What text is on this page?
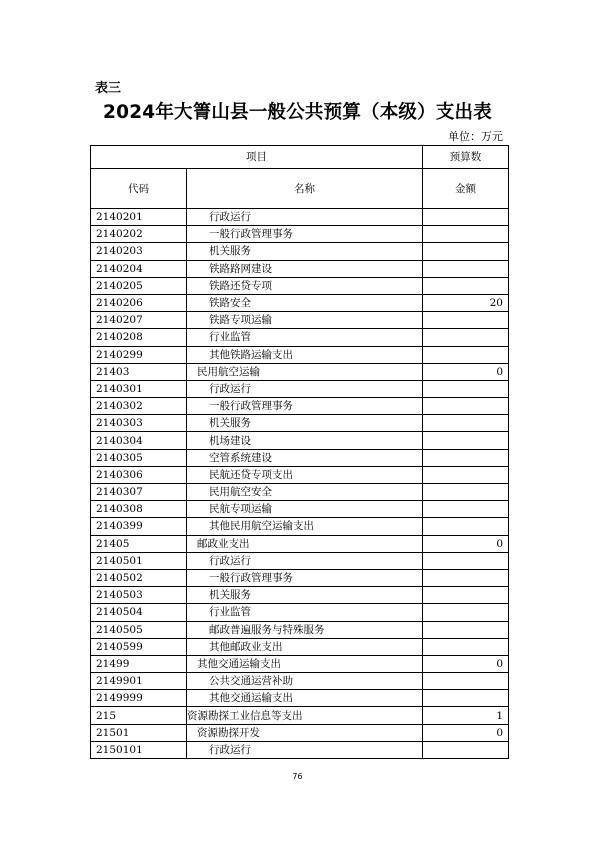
表三
2024年大箐山县一般公共预算（本级）支出表
单位：万元
项目		预算数
代码	名称	金额
2140201	行政运行	
2140202	一般行政管理事务	
2140203	机关服务	
2140204	铁路路网建设	
2140205	铁路还贷专项	
2140206	铁路安全	20
2140207	铁路专项运输	
2140208	行业监管	
2140299	其他铁路运输支出	
21403	民用航空运输	0
2140301	行政运行	
2140302	一般行政管理事务	
2140303	机关服务	
2140304	机场建设	
2140305	空管系统建设	
2140306	民航还贷专项支出	
2140307	民用航空安全	
2140308	民航专项运输	
2140399	其他民用航空运输支出	
21405	邮政业支出	0
2140501	行政运行	
2140502	一般行政管理事务	
2140503	机关服务	
2140504	行业监管	
2140505	邮政普遍服务与特殊服务	
2140599	其他邮政业支出	
21499	其他交通运输支出	0
2149901	公共交通运营补助	
2149999	其他交通运输支出	
215	资源勘探工业信息等支出	1
21501	资源勘探开发	0
2150101	行政运行	
76
